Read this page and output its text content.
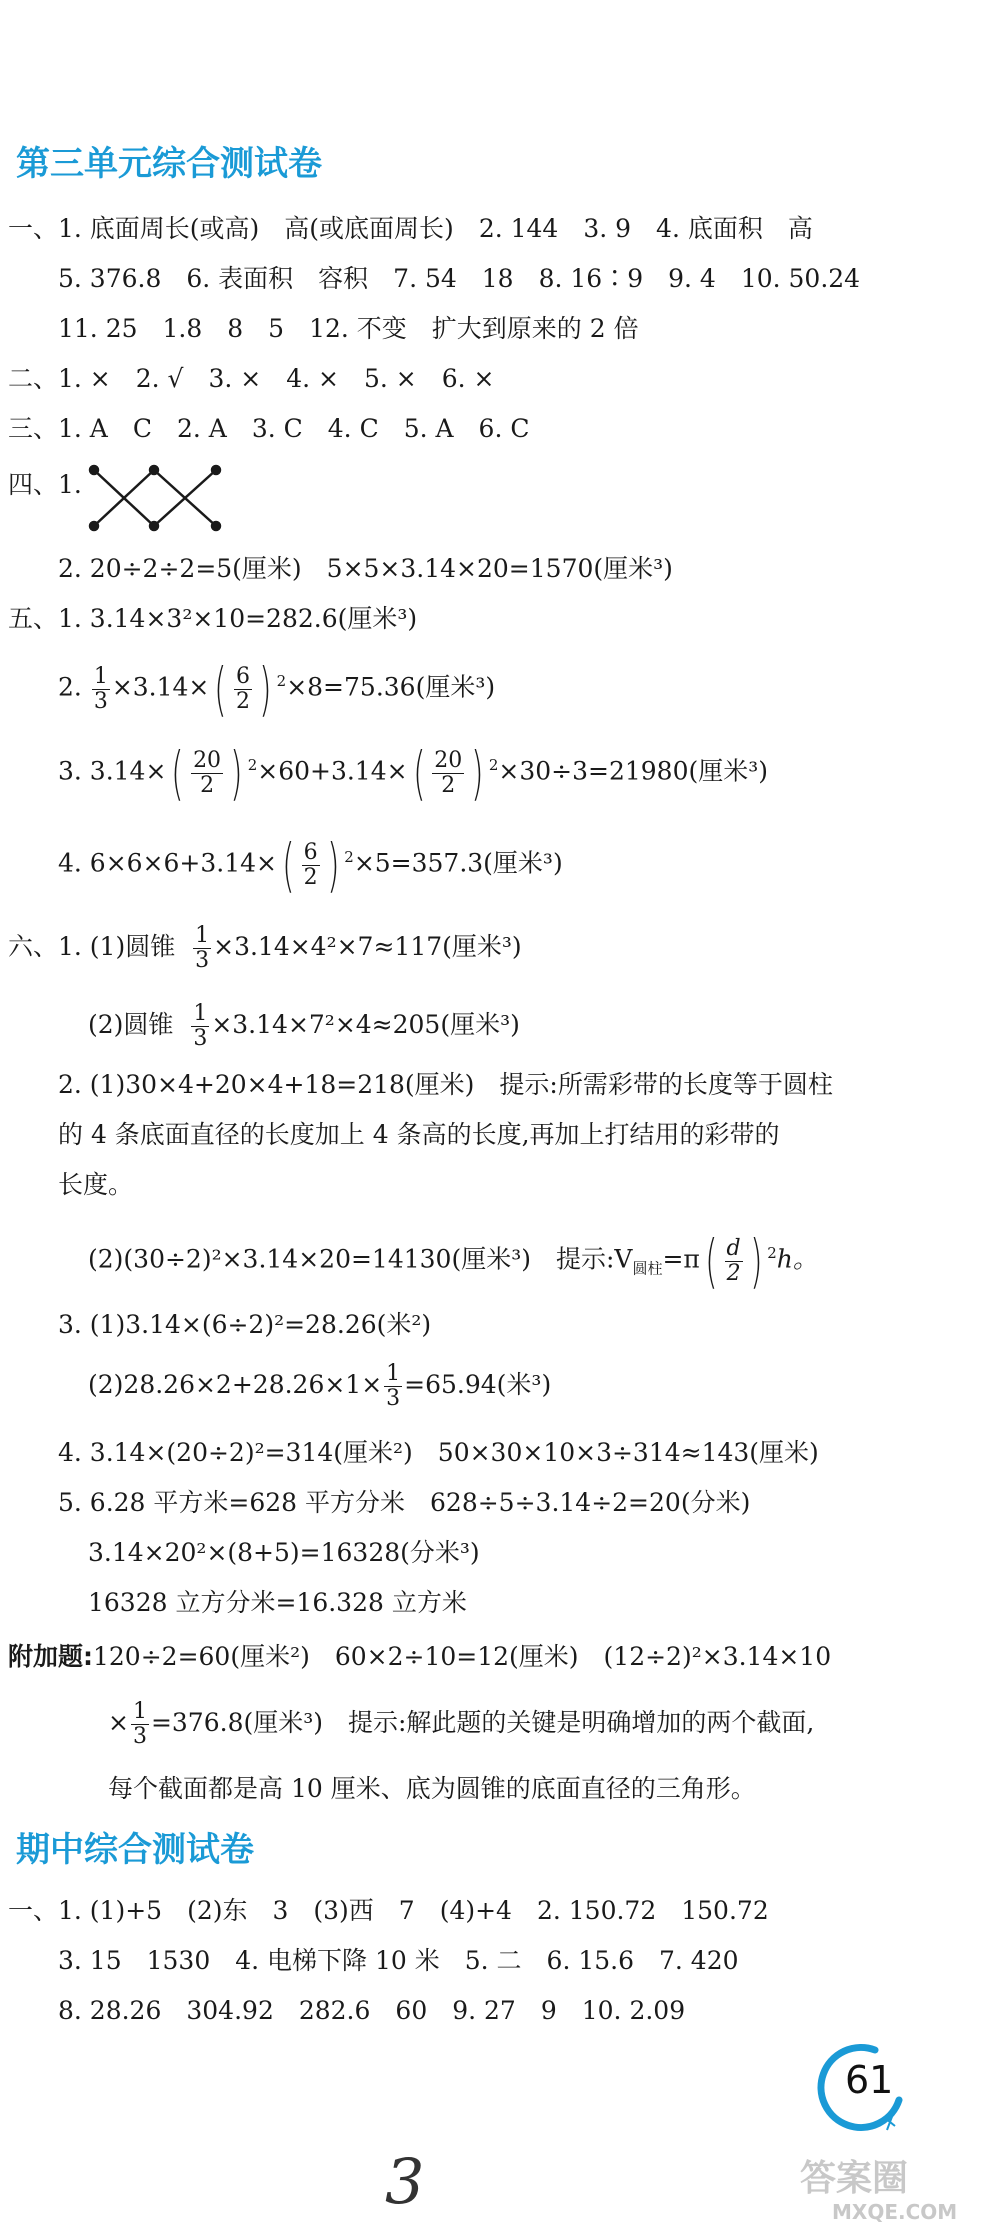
第三单元综合测试卷
一、1. 底面周长(或高)　高(或底面周长)　2. 144　3. 9　4. 底面积　高
5. 376.8　6. 表面积　容积　7. 54　18　8. 16∶9　9. 4　10. 50.24
11. 25　1.8　8　5　12. 不变　扩大到原来的 2 倍
二、1. ×　2. √　3. ×　4. ×　5. ×　6. ×
三、1. A　C　2. A　3. C　4. C　5. A　6. C
四、1.
2. 20÷2÷2=5(厘米)　5×5×3.14×20=1570(厘米³)
五、1. 3.14×3²×10=282.6(厘米³)
2. $\frac{1}{3} \times 3.14\times$ ( $\frac{6}{2}$ ) $^2$×8=75.36(厘米³)
3. 3.14× ( $\frac{20}{2}$ ) $^2$×60+3.14× ( $\frac{20}{2}$ ) $^2$×30÷3=21980(厘米³)
4. 6×6×6+3.14× ( $\frac{6}{2}$ ) $^2$×5=357.3(厘米³)
六、1. (1)圆锥 $\frac{1}{3} \times 3.14\times 4^2\times 7\approx 117$(厘米³)
(2)圆锥 $\frac{1}{3} \times 3.14\times 7^2\times 4\approx 205$(厘米³)
2. (1)30×4+20×4+18=218(厘米)　提示:所需彩带的长度等于圆柱
的 4 条底面直径的长度加上 4 条高的长度,再加上打结用的彩带的
长度。
(2)(30÷2)²×3.14×20=14130(厘米³)　提示$:V_{圆柱}=\pi$ ( $\frac{d}{2}$ ) $^2$h。
3. (1)3.14×(6÷2)²=28.26(米²)
$(2)28.26\times 2+28.26\times 1\times \frac{1}{3} =65.94$(米³)
4. 3.14×(20÷2)²=314(厘米²)　50×30×10×3÷314≈143(厘米)
5. 6.28 平方米=628 平方分米　628÷5÷3.14÷2=20(分米)
3.14×20²×(8+5)=16328(分米³)
16328 立方分米=16.328 立方米
附加题:120÷2=60(厘米²)　60×2÷10=12(厘米)　(12÷2)²×3.14×10
× $\frac{1}{3} =376.8$(厘米³)　提示:解此题的关键是明确增加的两个截面,
每个截面都是高 10 厘米、底为圆锥的底面直径的三角形。
期中综合测试卷
一、1. (1)+5　(2)东　3　(3)西　7　(4)+4　2. 150.72　150.72
3. 15　1530　4. 电梯下降 10 米　5. 二　6. 15.6　7. 420
8. 28.26　304.92　282.6　60　9. 27　9　10. 2.09
61
3	答案圈
MXQE.COM
